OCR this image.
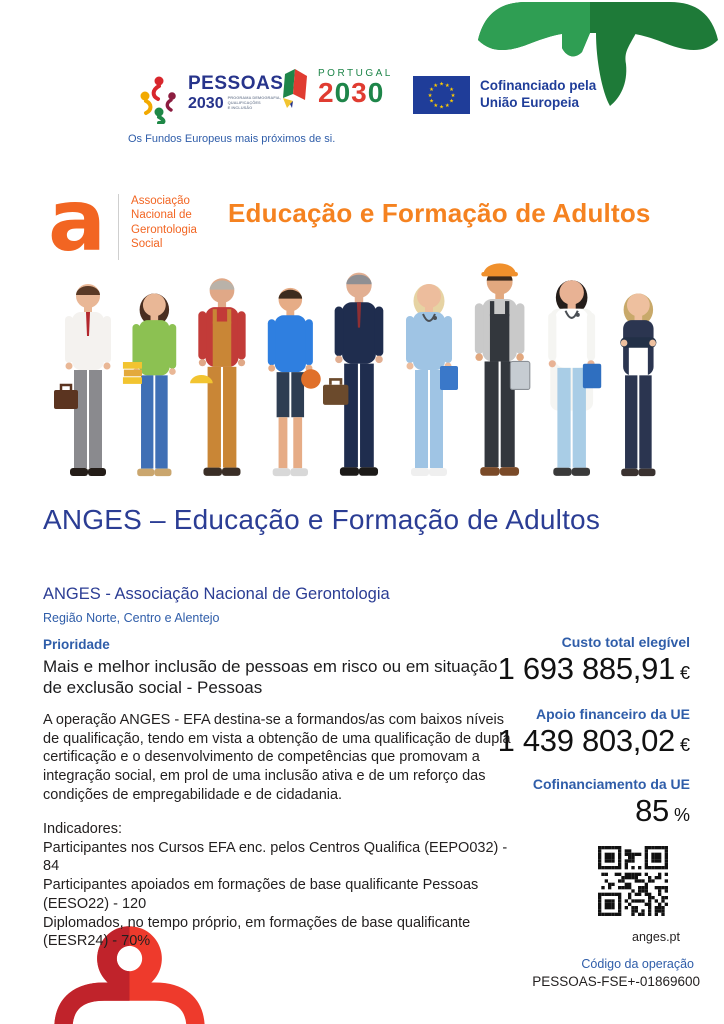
PESSOAS
2030 PROGRAMA DEMOGRAFIA,
QUALIFICAÇÕES
E INCLUSÃO
PORTUGAL
2030	★ ★
★
★
★
★
★
★
★
★
★
★	Cofinanciado pela
União Europeia
Os Fundos Europeus mais próximos de si.
a Associação
Nacional de
Gerontologia
Social
Educação e Formação de Adultos
ANGES – Educação e Formação de Adultos
ANGES - Associação Nacional de Gerontologia
Região Norte, Centro e Alentejo
Prioridade
Mais e melhor inclusão de pessoas em risco ou em situação de exclusão social - Pessoas
A operação ANGES - EFA destina-se a formandos/as com baixos níveis de qualificação, tendo em vista a obtenção de uma qualificação de dupla certificação e o desenvolvimento de competências que promovam a integração social, em prol de uma inclusão ativa e de um reforço das condições de empregabilidade e de cidadania.
Indicadores:
Participantes nos Cursos EFA enc. pelos Centros Qualifica (EEPO032) - 84
Participantes apoiados em formações de base qualificante Pessoas (EESO22) - 120
Diplomados, no tempo próprio, em formações de base qualificante (EESR24) - 70%
Custo total elegível
1 693 885,91 €
Apoio financeiro da UE
1 439 803,02 €
Cofinanciamento da UE
85 %
anges.pt
Código da operação
PESSOAS-FSE+-01869600
